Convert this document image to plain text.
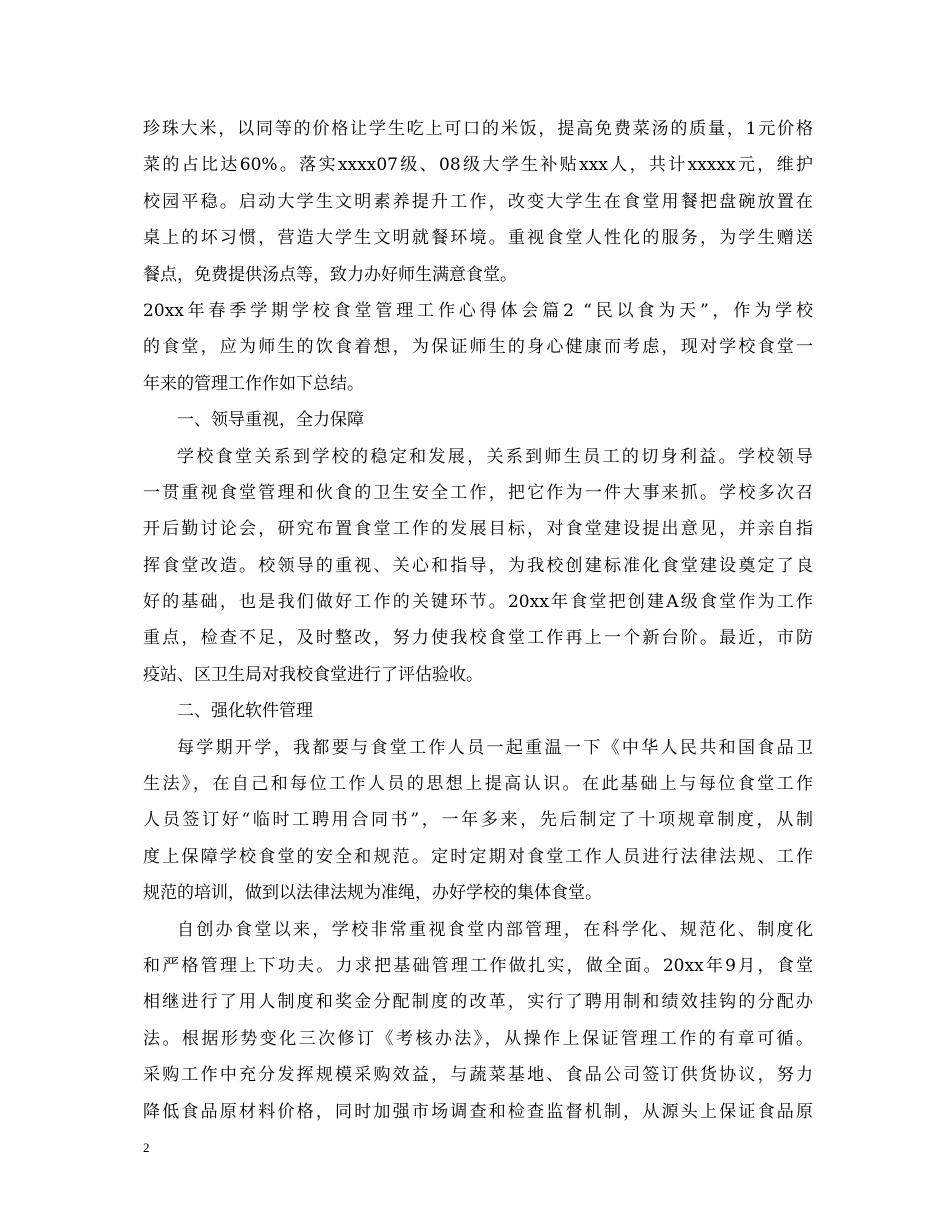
珍珠大米，以同等的价格让学生吃上可口的米饭，提高免费菜汤的质量，1元价格
菜的占比达60%。落实xxxx07级、08级大学生补贴xxx人，共计xxxxx元，维护
校园平稳。启动大学生文明素养提升工作，改变大学生在食堂用餐把盘碗放置在
桌上的坏习惯，营造大学生文明就餐环境。重视食堂人性化的服务，为学生赠送
餐点，免费提供汤点等，致力办好师生满意食堂。
20xx年春季学期学校食堂管理工作心得体会篇2 “民以食为天”，作为学校
的食堂，应为师生的饮食着想，为保证师生的身心健康而考虑，现对学校食堂一
年来的管理工作作如下总结。
一、领导重视，全力保障
学校食堂关系到学校的稳定和发展，关系到师生员工的切身利益。学校领导
一贯重视食堂管理和伙食的卫生安全工作，把它作为一件大事来抓。学校多次召
开后勤讨论会，研究布置食堂工作的发展目标，对食堂建设提出意见，并亲自指
挥食堂改造。校领导的重视、关心和指导，为我校创建标准化食堂建设奠定了良
好的基础，也是我们做好工作的关键环节。20xx年食堂把创建A级食堂作为工作
重点，检查不足，及时整改，努力使我校食堂工作再上一个新台阶。最近，市防
疫站、区卫生局对我校食堂进行了评估验收。
二、强化软件管理
每学期开学，我都要与食堂工作人员一起重温一下《中华人民共和国食品卫
生法》，在自己和每位工作人员的思想上提高认识。在此基础上与每位食堂工作
人员签订好“临时工聘用合同书”，一年多来，先后制定了十项规章制度，从制
度上保障学校食堂的安全和规范。定时定期对食堂工作人员进行法律法规、工作
规范的培训，做到以法律法规为准绳，办好学校的集体食堂。
自创办食堂以来，学校非常重视食堂内部管理，在科学化、规范化、制度化
和严格管理上下功夫。力求把基础管理工作做扎实，做全面。20xx年9月，食堂
相继进行了用人制度和奖金分配制度的改革，实行了聘用制和绩效挂钩的分配办
法。根据形势变化三次修订《考核办法》，从操作上保证管理工作的有章可循。
采购工作中充分发挥规模采购效益，与蔬菜基地、食品公司签订供货协议，努力
降低食品原材料价格，同时加强市场调查和检查监督机制，从源头上保证食品原
2
